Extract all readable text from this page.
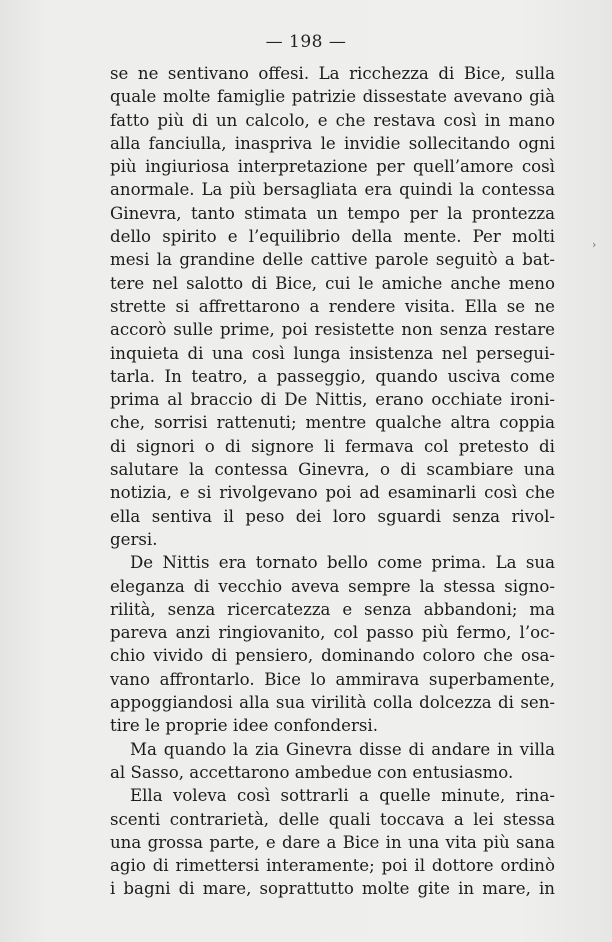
— 198 —
›
se ne sentivano offesi. La ricchezza di Bice, sulla
quale molte famiglie patrizie dissestate avevano già
fatto più di un calcolo, e che restava così in mano
alla fanciulla, inaspriva le invidie sollecitando ogni
più ingiuriosa interpretazione per quell’amore così
anormale. La più bersagliata era quindi la contessa
Ginevra, tanto stimata un tempo per la prontezza
dello spirito e l’equilibrio della mente. Per molti
mesi la grandine delle cattive parole seguitò a bat-
tere nel salotto di Bice, cui le amiche anche meno
strette si affrettarono a rendere visita. Ella se ne
accorò sulle prime, poi resistette non senza restare
inquieta di una così lunga insistenza nel persegui-
tarla. In teatro, a passeggio, quando usciva come
prima al braccio di De Nittis, erano occhiate ironi-
che, sorrisi rattenuti; mentre qualche altra coppia
di signori o di signore li fermava col pretesto di
salutare la contessa Ginevra, o di scambiare una
notizia, e si rivolgevano poi ad esaminarli così che
ella sentiva il peso dei loro sguardi senza rivol-
gersi.
De Nittis era tornato bello come prima. La sua
eleganza di vecchio aveva sempre la stessa signo-
rilità, senza ricercatezza e senza abbandoni; ma
pareva anzi ringiovanito, col passo più fermo, l’oc-
chio vivido di pensiero, dominando coloro che osa-
vano affrontarlo. Bice lo ammirava superbamente,
appoggiandosi alla sua virilità colla dolcezza di sen-
tire le proprie idee confondersi.
Ma quando la zia Ginevra disse di andare in villa
al Sasso, accettarono ambedue con entusiasmo.
Ella voleva così sottrarli a quelle minute, rina-
scenti contrarietà, delle quali toccava a lei stessa
una grossa parte, e dare a Bice in una vita più sana
agio di rimettersi interamente; poi il dottore ordinò
i bagni di mare, soprattutto molte gite in mare, in
